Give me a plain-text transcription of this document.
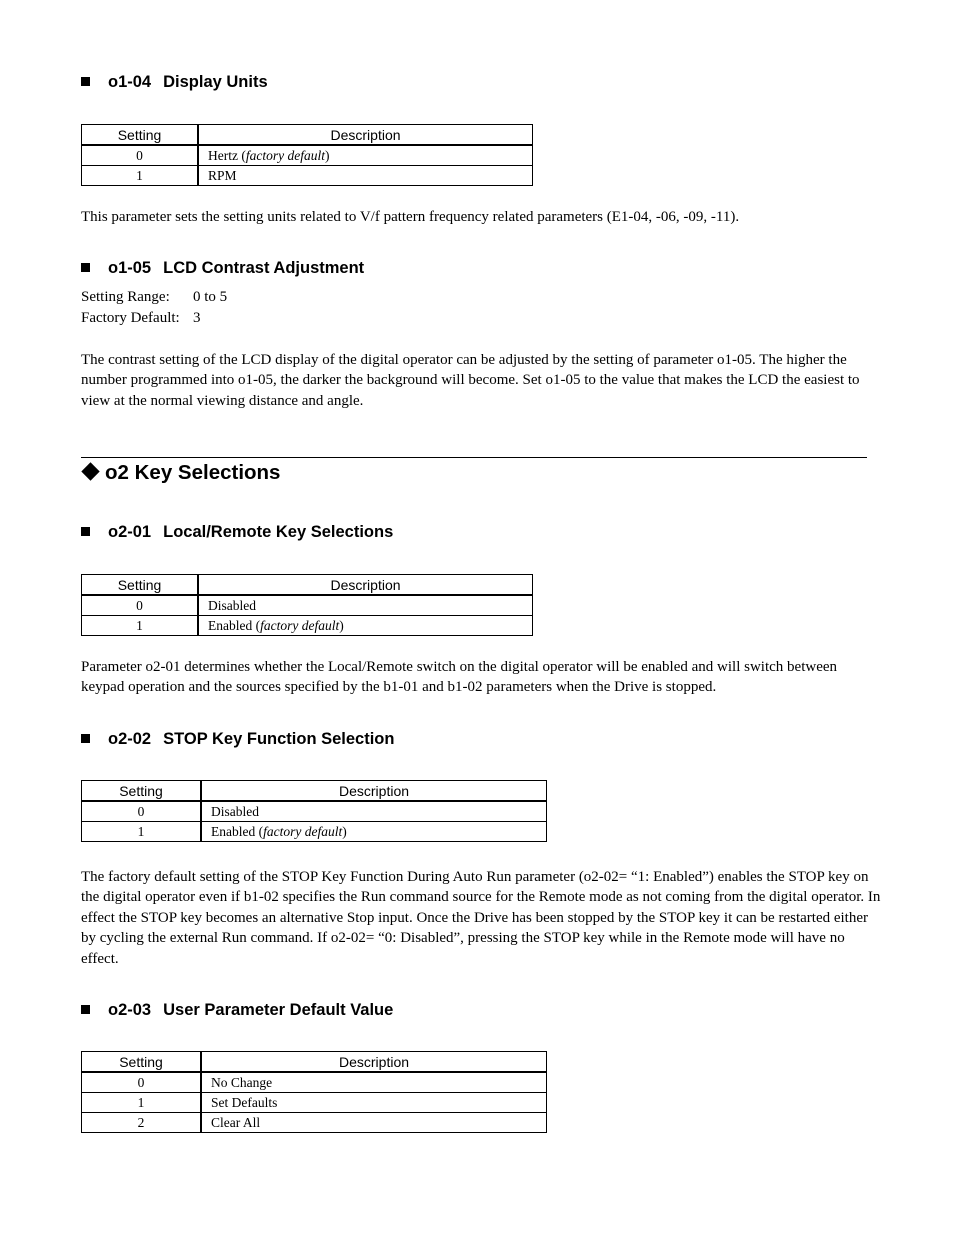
o1-04 Display Units
Setting	Description
0	Hertz (factory default)
1	RPM
This parameter sets the setting units related to V/f pattern frequency related parameters (E1-04, -06, -09, -11).
o1-05 LCD Contrast Adjustment
Setting Range: 0 to 5
Factory Default: 3
The contrast setting of the LCD display of the digital operator can be adjusted by the setting of parameter o1-05. The higher the number programmed into o1-05, the darker the background will become. Set o1-05 to the value that makes the LCD the easiest to view at the normal viewing distance and angle.
o2 Key Selections
o2-01 Local/Remote Key Selections
Setting	Description
0	Disabled
1	Enabled (factory default)
Parameter o2-01 determines whether the Local/Remote switch on the digital operator will be enabled and will switch between keypad operation and the sources specified by the b1-01 and b1-02 parameters when the Drive is stopped.
o2-02 STOP Key Function Selection
Setting	Description
0	Disabled
1	Enabled (factory default)
The factory default setting of the STOP Key Function During Auto Run parameter (o2-02= “1: Enabled”) enables the STOP key on the digital operator even if b1-02 specifies the Run command source for the Remote mode as not coming from the digital operator. In effect the STOP key becomes an alternative Stop input. Once the Drive has been stopped by the STOP key it can be restarted either by cycling the external Run command. If o2-02= “0: Disabled”, pressing the STOP key while in the Remote mode will have no effect.
o2-03 User Parameter Default Value
Setting	Description
0	No Change
1	Set Defaults
2	Clear All
